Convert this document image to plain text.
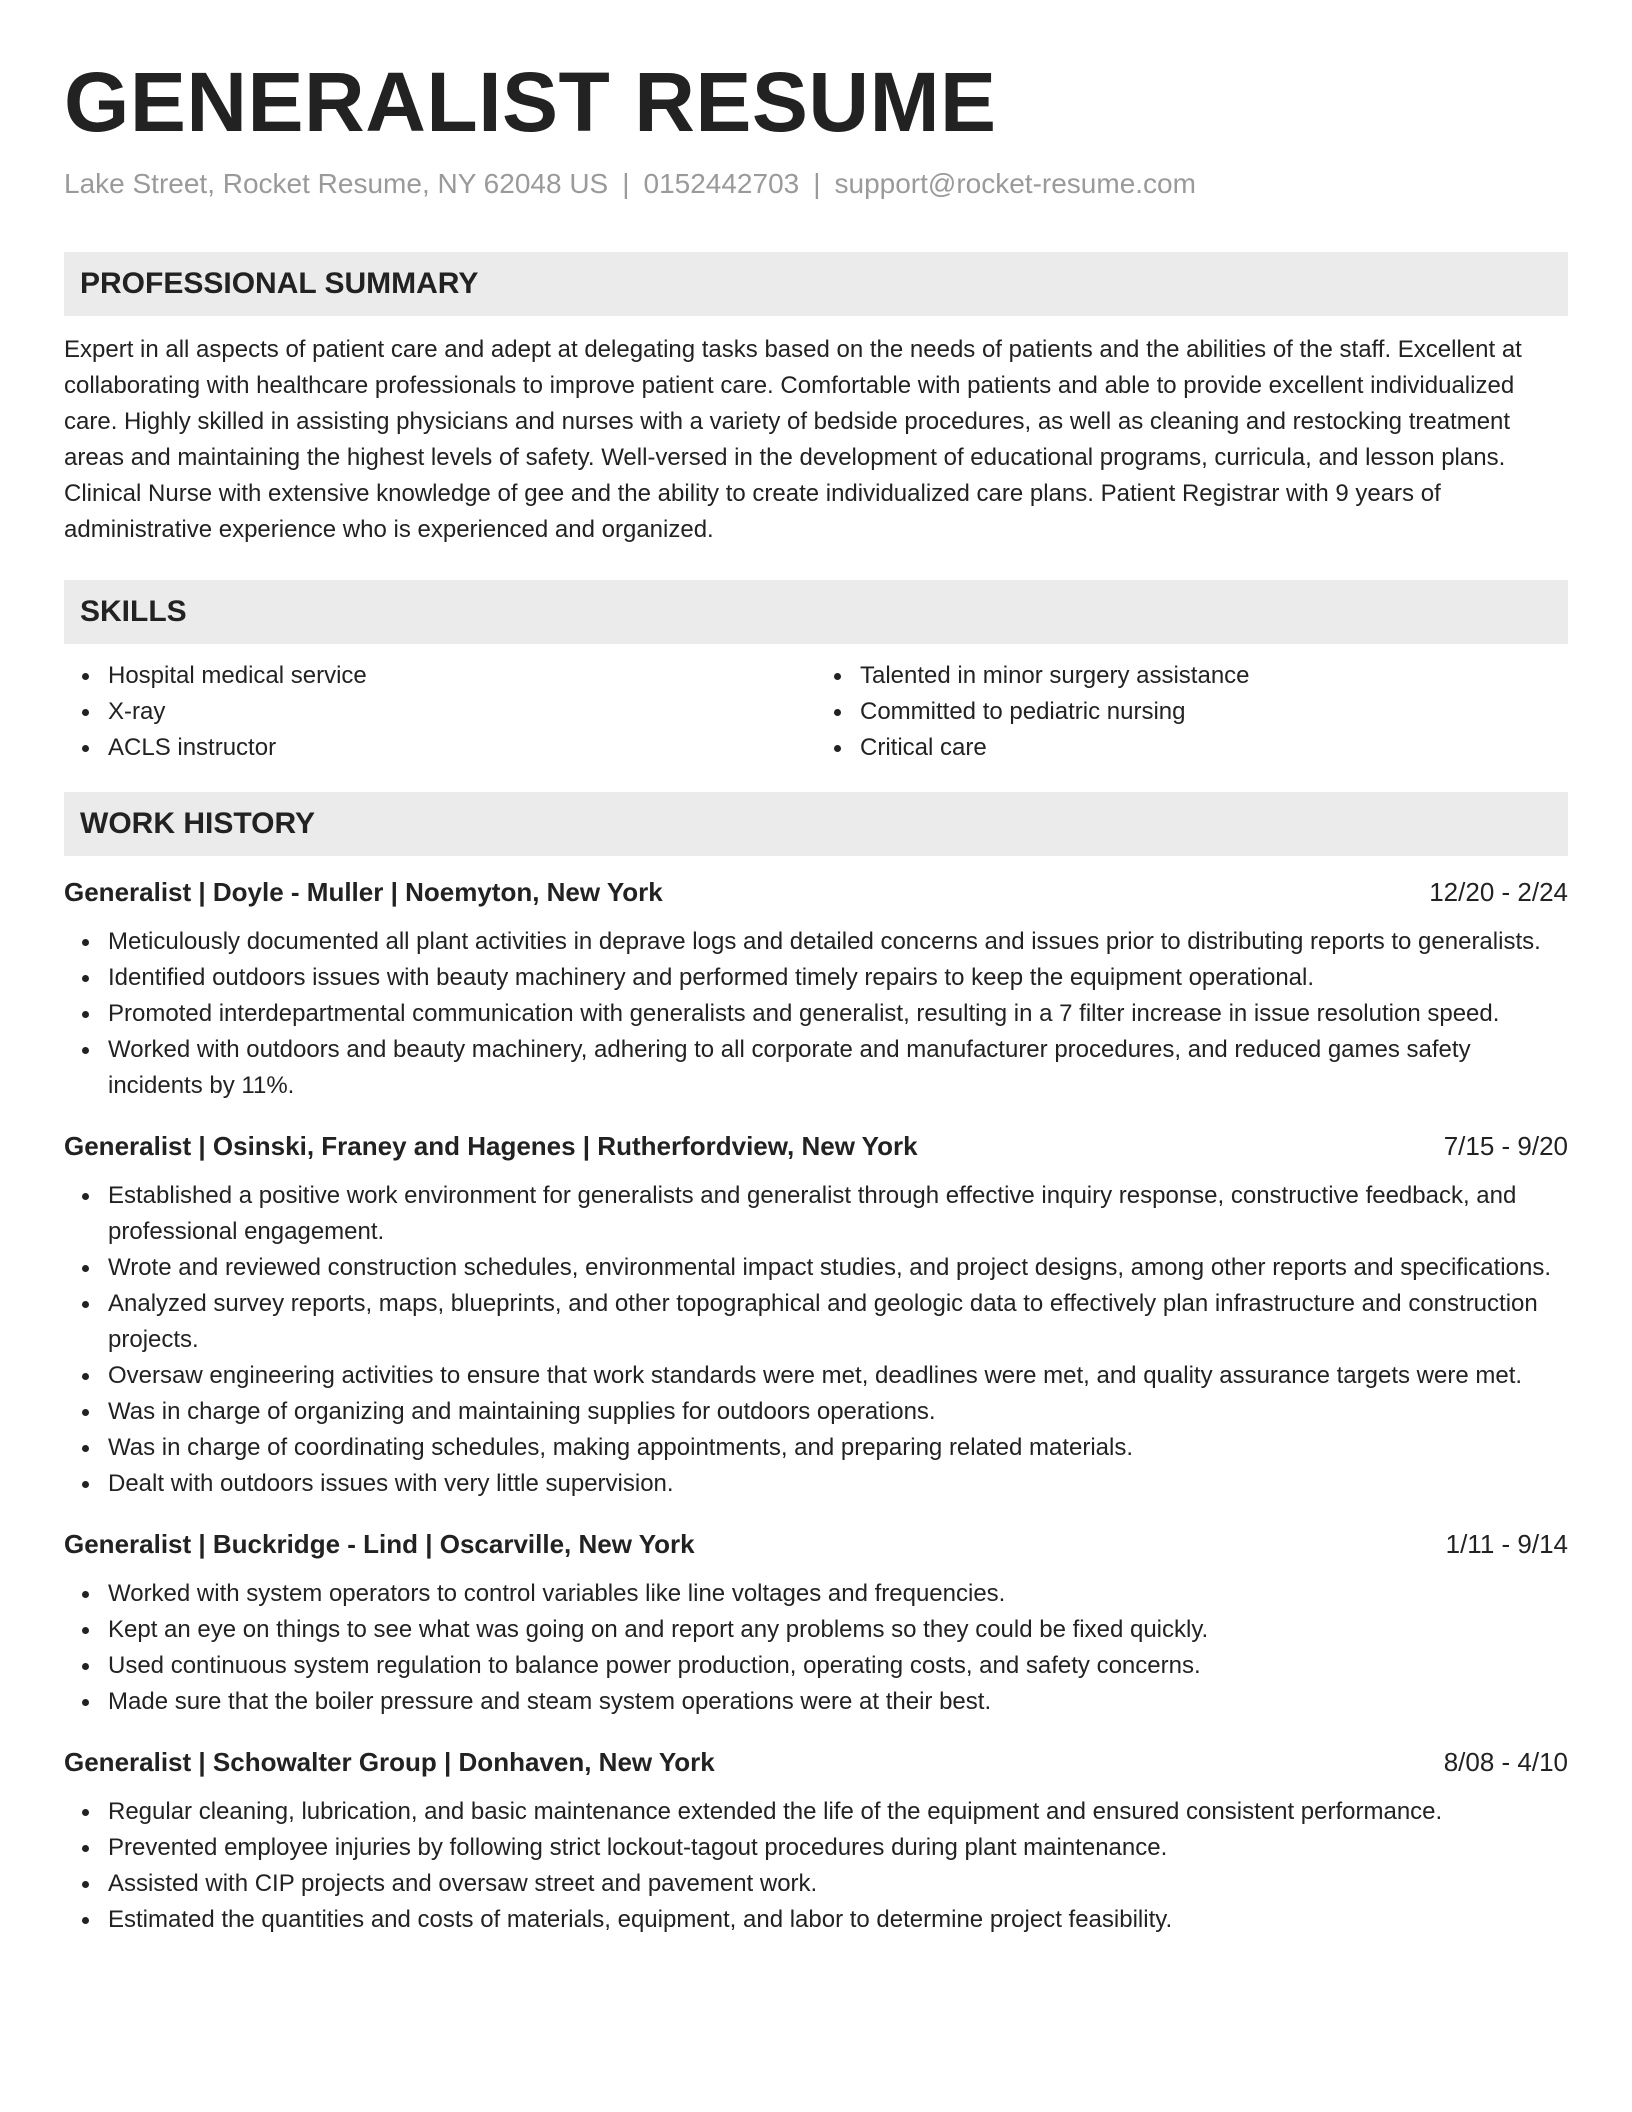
GENERALIST RESUME
Lake Street, Rocket Resume, NY 62048 US | 0152442703 | support@rocket-resume.com
PROFESSIONAL SUMMARY

Expert in all aspects of patient care and adept at delegating tasks based on the needs of patients and the abilities of the staff. Excellent at collaborating with healthcare professionals to improve patient care. Comfortable with patients and able to provide excellent individualized care. Highly skilled in assisting physicians and nurses with a variety of bedside procedures, as well as cleaning and restocking treatment areas and maintaining the highest levels of safety. Well-versed in the development of educational programs, curricula, and lesson plans. Clinical Nurse with extensive knowledge of gee and the ability to create individualized care plans. Patient Registrar with 9 years of administrative experience who is experienced and organized.

SKILLS
Hospital medical service
X-ray
ACLS instructor
Talented in minor surgery assistance
Committed to pediatric nursing
Critical care
WORK HISTORY
Generalist | Doyle - Muller | Noemyton, New York	12/20 - 2/24
Meticulously documented all plant activities in deprave logs and detailed concerns and issues prior to distributing reports to generalists.
Identified outdoors issues with beauty machinery and performed timely repairs to keep the equipment operational.
Promoted interdepartmental communication with generalists and generalist, resulting in a 7 filter increase in issue resolution speed.
Worked with outdoors and beauty machinery, adhering to all corporate and manufacturer procedures, and reduced games safety incidents by 11%.
Generalist | Osinski, Franey and Hagenes | Rutherfordview, New York	7/15 - 9/20
Established a positive work environment for generalists and generalist through effective inquiry response, constructive feedback, and professional engagement.
Wrote and reviewed construction schedules, environmental impact studies, and project designs, among other reports and specifications.
Analyzed survey reports, maps, blueprints, and other topographical and geologic data to effectively plan infrastructure and construction projects.
Oversaw engineering activities to ensure that work standards were met, deadlines were met, and quality assurance targets were met.
Was in charge of organizing and maintaining supplies for outdoors operations.
Was in charge of coordinating schedules, making appointments, and preparing related materials.
Dealt with outdoors issues with very little supervision.
Generalist | Buckridge - Lind | Oscarville, New York	1/11 - 9/14
Worked with system operators to control variables like line voltages and frequencies.
Kept an eye on things to see what was going on and report any problems so they could be fixed quickly.
Used continuous system regulation to balance power production, operating costs, and safety concerns.
Made sure that the boiler pressure and steam system operations were at their best.
Generalist | Schowalter Group | Donhaven, New York	8/08 - 4/10
Regular cleaning, lubrication, and basic maintenance extended the life of the equipment and ensured consistent performance.
Prevented employee injuries by following strict lockout-tagout procedures during plant maintenance.
Assisted with CIP projects and oversaw street and pavement work.
Estimated the quantities and costs of materials, equipment, and labor to determine project feasibility.
